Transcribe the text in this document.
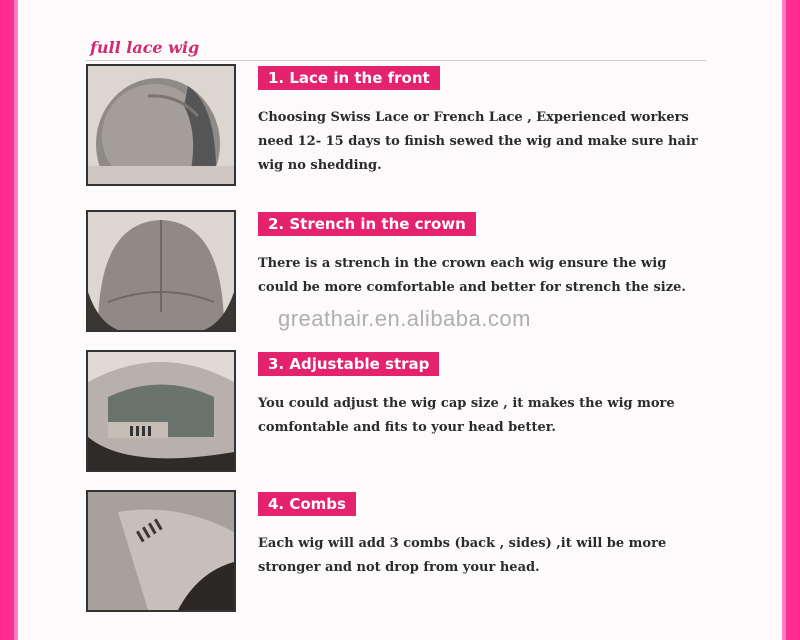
full lace wig
1. Lace in the front
Choosing Swiss Lace or French Lace , Experienced workers need 12- 15 days to finish sewed the wig and make sure hair wig no shedding.
2. Strench in the crown
There is a strench in the crown each wig ensure the wig could be more comfortable and better for strench the size.
3. Adjustable strap
You could adjust the wig cap size , it makes the wig more comfontable and fits to your head better.
4. Combs
Each wig will add 3 combs (back , sides) ,it will be more stronger and not drop from your head.
greathair.en.alibaba.com
